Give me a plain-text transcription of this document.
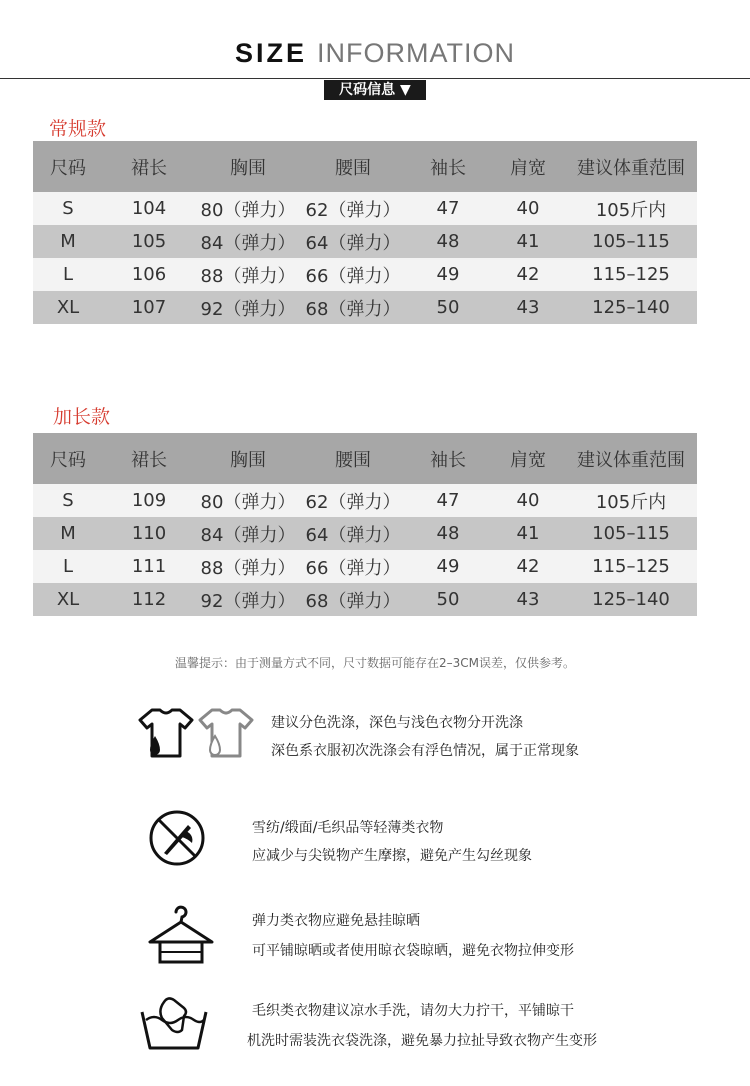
SIZE INFORMATION
尺码信息 ▼
常规款
尺码	裙长	胸围	腰围	袖长	肩宽	建议体重范围
S	104	80（弹力）	62（弹力）	47	40	105斤内
M	105	84（弹力）	64（弹力）	48	41	105–115
L	106	88（弹力）	66（弹力）	49	42	115–125
XL	107	92（弹力）	68（弹力）	50	43	125–140
加长款
尺码	裙长	胸围	腰围	袖长	肩宽	建议体重范围
S	109	80（弹力）	62（弹力）	47	40	105斤内
M	110	84（弹力）	64（弹力）	48	41	105–115
L	111	88（弹力）	66（弹力）	49	42	115–125
XL	112	92（弹力）	68（弹力）	50	43	125–140
温馨提示：由于测量方式不同，尺寸数据可能存在2–3CM误差，仅供参考。
建议分色洗涤，深色与浅色衣物分开洗涤
深色系衣服初次洗涤会有浮色情况，属于正常现象
雪纺/缎面/毛织品等轻薄类衣物
应减少与尖锐物产生摩擦，避免产生勾丝现象
弹力类衣物应避免悬挂晾晒
可平铺晾晒或者使用晾衣袋晾晒，避免衣物拉伸变形
毛织类衣物建议凉水手洗，请勿大力拧干，平铺晾干
机洗时需装洗衣袋洗涤，避免暴力拉扯导致衣物产生变形
